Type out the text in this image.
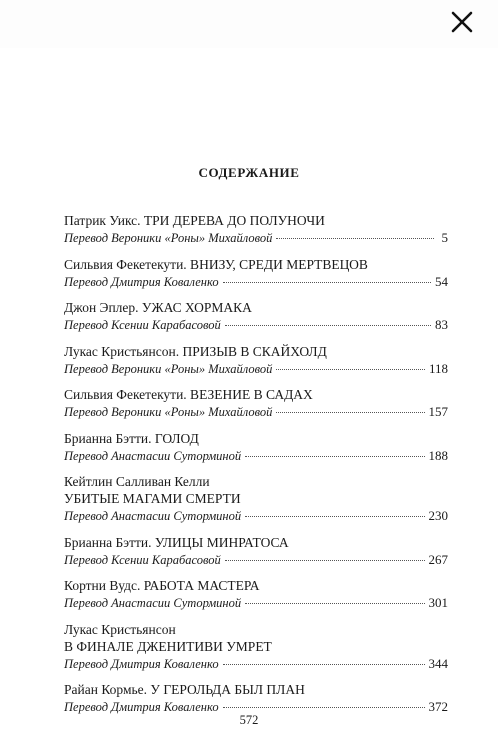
СОДЕРЖАНИЕ
Патрик Уикс. ТРИ ДЕРЕВА ДО ПОЛУНОЧИ
Перевод Вероники «Роны» Михайловой	5
Сильвия Фекетекути. ВНИЗУ, СРЕДИ МЕРТВЕЦОВ
Перевод Дмитрия Коваленко	54
Джон Эплер. УЖАС ХОРМАКА
Перевод Ксении Карабасовой	83
Лукас Кристьянсон. ПРИЗЫВ В СКАЙХОЛД
Перевод Вероники «Роны» Михайловой	118
Сильвия Фекетекути. ВЕЗЕНИЕ В САДАХ
Перевод Вероники «Роны» Михайловой	157
Брианна Бэтти. ГОЛОД
Перевод Анастасии Сутормuной	188
Кейтлин Салливан Келли
УБИТЫЕ МАГАМИ СМЕРТИ
Перевод Анастасии Сутормuной	230
Брианна Бэтти. УЛИЦЫ МИНРАТОСА
Перевод Ксении Карабасовой	267
Кортни Вудс. РАБОТА МАСТЕРА
Перевод Анастасии Сутормuной	301
Лукас Кристьянсон
В ФИНАЛЕ ДЖЕНИТИВИ УМРЕТ
Перевод Дмитрия Коваленко	344
Райан Кормье. У ГЕРОЛЬДА БЫЛ ПЛАН
Перевод Дмитрия Коваленко	372

572
